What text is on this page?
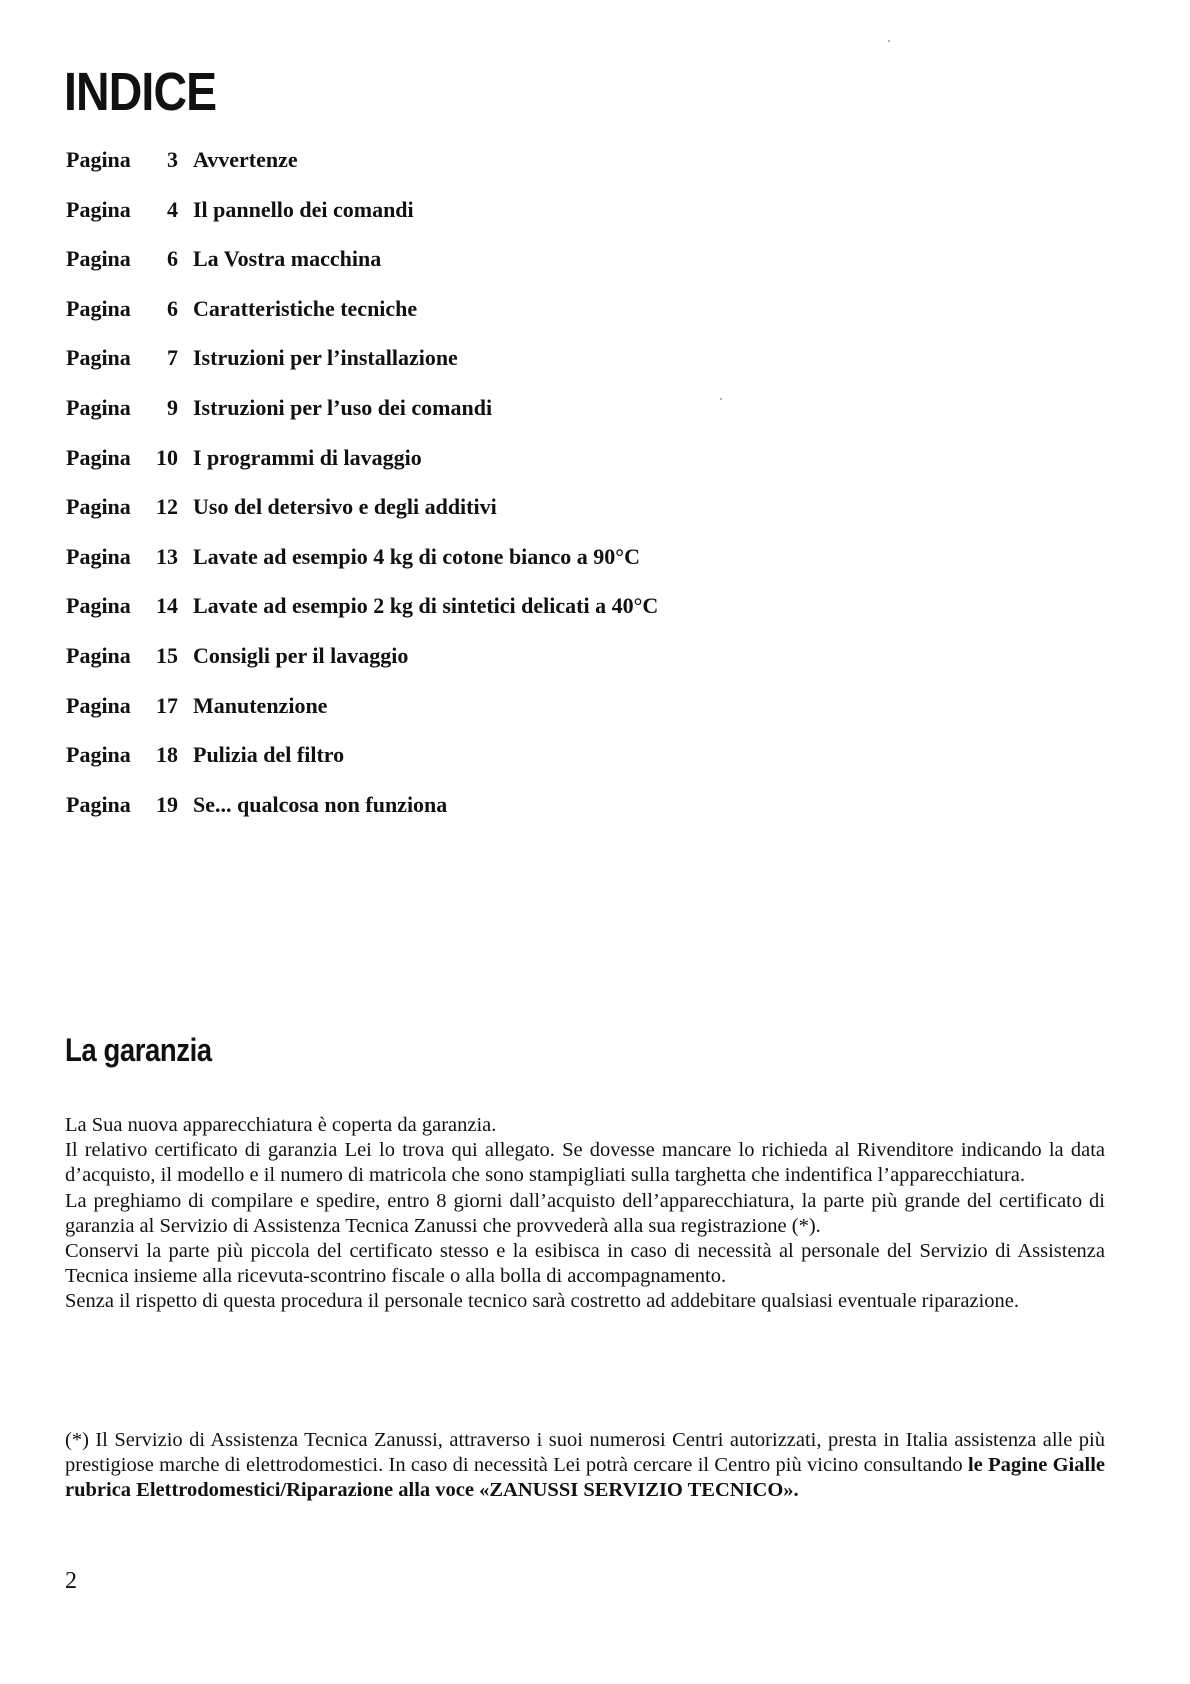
INDICE
Pagina	3 Avvertenze
Pagina	4 Il pannello dei comandi
Pagina	6 La Vostra macchina
Pagina	6 Caratteristiche tecniche
Pagina	7 Istruzioni per l’installazione
Pagina	9 Istruzioni per l’uso dei comandi
Pagina	10 I programmi di lavaggio
Pagina	12 Uso del detersivo e degli additivi
Pagina	13 Lavate ad esempio 4 kg di cotone bianco a 90°C
Pagina	14 Lavate ad esempio 2 kg di sintetici delicati a 40°C
Pagina	15 Consigli per il lavaggio
Pagina	17 Manutenzione
Pagina	18 Pulizia del filtro
Pagina	19 Se... qualcosa non funziona
La garanzia

La Sua nuova apparecchiatura è coperta da garanzia.

Il relativo certificato di garanzia Lei lo trova qui allegato. Se dovesse mancare lo richieda al Rivenditore indicando la data d’acquisto, il modello e il numero di matricola che sono stampigliati sulla targhetta che indentifica l’apparecchiatura.

La preghiamo di compilare e spedire, entro 8 giorni dall’acquisto dell’apparecchiatura, la parte più grande del certificato di garanzia al Servizio di Assistenza Tecnica Zanussi che provvederà alla sua registrazione (*).

Conservi la parte più piccola del certificato stesso e la esibisca in caso di necessità al personale del Servizio di Assistenza Tecnica insieme alla ricevuta-scontrino fiscale o alla bolla di accompagnamento.

Senza il rispetto di questa procedura il personale tecnico sarà costretto ad addebitare qualsiasi eventuale riparazione.

(*) Il Servizio di Assistenza Tecnica Zanussi, attraverso i suoi numerosi Centri autorizzati, presta in Italia assistenza alle più prestigiose marche di elettrodomestici. In caso di necessità Lei potrà cercare il Centro più vicino consultando le Pagine Gialle rubrica Elettrodomestici/Riparazione alla voce «ZANUSSI SERVIZIO TECNICO».

2
